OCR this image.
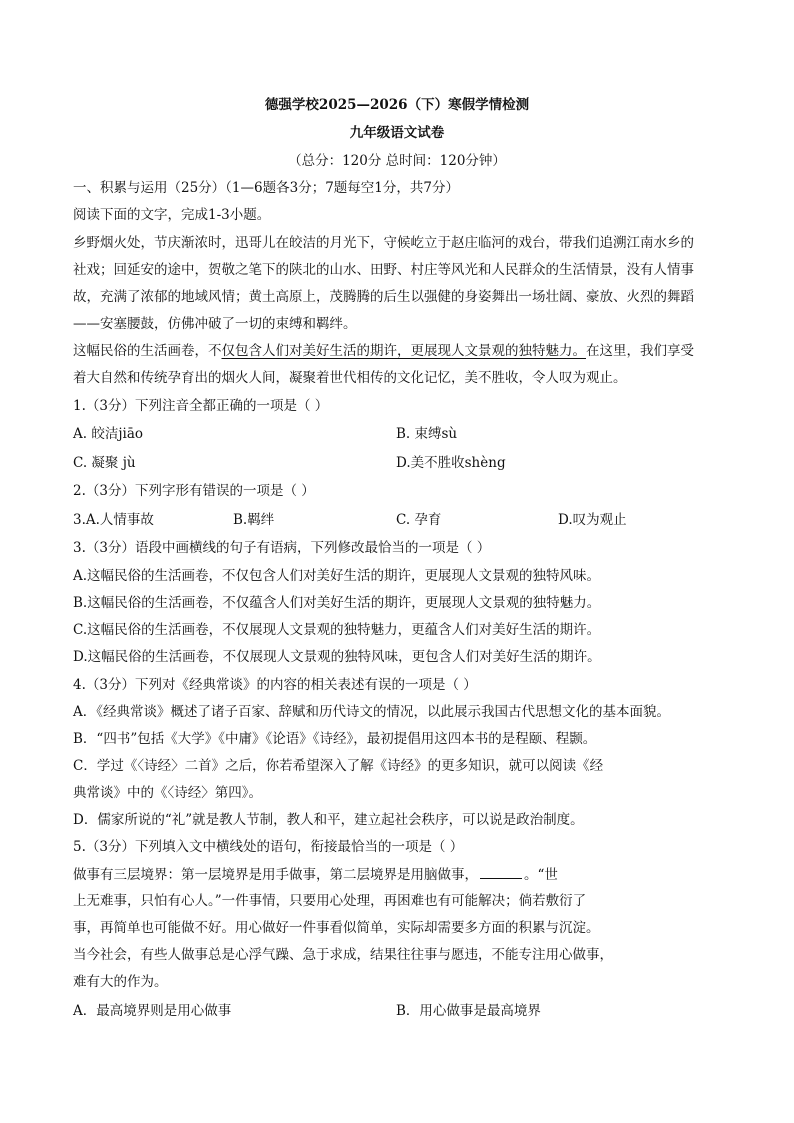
德强学校2025—2026（下）寒假学情检测
九年级语文试卷
（总分：120分 总时间：120分钟）
一、积累与运用（25分）（1—6题各3分；7题每空1分，共7分）
阅读下面的文字，完成1-3小题。
乡野烟火处，节庆渐浓时，迅哥儿在皎洁的月光下，守候屹立于赵庄临河的戏台，带我们追溯江南水乡的
社戏；回延安的途中，贺敬之笔下的陕北的山水、田野、村庄等风光和人民群众的生活情景，没有人情事
故，充满了浓郁的地域风情；黄土高原上，茂腾腾的后生以强健的身姿舞出一场壮阔、豪放、火烈的舞蹈
——安塞腰鼓，仿佛冲破了一切的束缚和羁绊。
这幅民俗的生活画卷，不仅包含人们对美好生活的期许，更展现人文景观的独特魅力。在这里，我们享受
着大自然和传统孕育出的烟火人间，凝聚着世代相传的文化记忆，美不胜收，令人叹为观止。
1.（3分）下列注音全都正确的一项是（ ）
A. 皎洁jiāo	B. 束缚sù
C. 凝聚 jù	D.美不胜收shèng
2.（3分）下列字形有错误的一项是（ ）
3.A.人情事故	B.羁绊	C. 孕育	D.叹为观止
3.（3分）语段中画横线的句子有语病，下列修改最恰当的一项是（ ）
A.这幅民俗的生活画卷，不仅包含人们对美好生活的期许，更展现人文景观的独特风味。
B.这幅民俗的生活画卷，不仅蕴含人们对美好生活的期许，更展现人文景观的独特魅力。
C.这幅民俗的生活画卷，不仅展现人文景观的独特魅力，更蕴含人们对美好生活的期许。
D.这幅民俗的生活画卷，不仅展现人文景观的独特风味，更包含人们对美好生活的期许。
4.（3分）下列对《经典常谈》的内容的相关表述有误的一项是（ ）
A．《经典常谈》概述了诸子百家、辞赋和历代诗文的情况，以此展示我国古代思想文化的基本面貌。
B．“四书”包括《大学》《中庸》《论语》《诗经》，最初提倡用这四本书的是程颐、程颢。
C．学过《〈诗经〉二首》之后，你若希望深入了解《诗经》的更多知识，就可以阅读《经
典常谈》中的《〈诗经〉第四》。
D．儒家所说的“礼”就是教人节制，教人和平，建立起社会秩序，可以说是政治制度。
5.（3分）下列填入文中横线处的语句，衔接最恰当的一项是（ ）
做事有三层境界：第一层境界是用手做事，第二层境界是用脑做事，	。“世
上无难事，只怕有心人。”一件事情，只要用心处理，再困难也有可能解决；倘若敷衍了
事，再简单也可能做不好。用心做好一件事看似简单，实际却需要多方面的积累与沉淀。
当今社会，有些人做事总是心浮气躁、急于求成，结果往往事与愿违，不能专注用心做事，
难有大的作为。
A．最高境界则是用心做事	B．用心做事是最高境界
